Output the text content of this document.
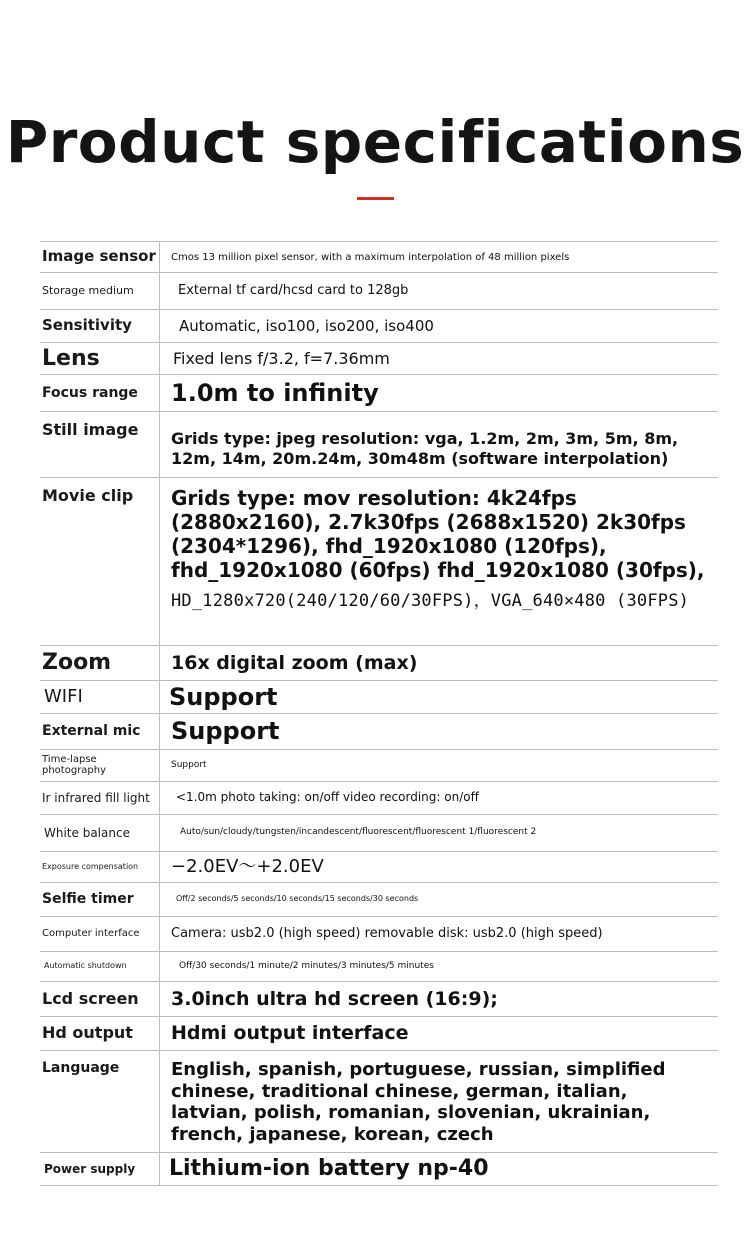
Product specifications
Image sensor	Cmos 13 million pixel sensor, with a maximum interpolation of 48 million pixels
Storage medium	External tf card/hcsd card to 128gb
Sensitivity	Automatic, iso100, iso200, iso400
Lens	Fixed lens f/3.2, f=7.36mm
Focus range	1.0m to infinity
Still image	Grids type: jpeg resolution: vga, 1.2m, 2m, 3m, 5m, 8m, 12m, 14m, 20m.24m, 30m48m (software interpolation)
Movie clip	Grids type: mov resolution: 4k24fps (2880x2160), 2.7k30fps (2688x1520) 2k30fps (2304*1296), fhd_1920x1080 (120fps), fhd_1920x1080 (60fps) fhd_1920x1080 (30fps),
HD_1280x720(240/120/60/30FPS)，VGA_640×480 (30FPS)
Zoom	16x digital zoom (max)
WIFI	Support
External mic	Support
Time-lapse photography	Support
Ir infrared fill light	<1.0m photo taking: on/off video recording: on/off
White balance	Auto/sun/cloudy/tungsten/incandescent/fluorescent/fluorescent 1/fluorescent 2
Exposure compensation	−2.0EV～+2.0EV
Selfie timer	Off/2 seconds/5 seconds/10 seconds/15 seconds/30 seconds
Computer interface	Camera: usb2.0 (high speed) removable disk: usb2.0 (high speed)
Automatic shutdown	Off/30 seconds/1 minute/2 minutes/3 minutes/5 minutes
Lcd screen	3.0inch ultra hd screen (16:9);
Hd output	Hdmi output interface
Language	English, spanish, portuguese, russian, simplified chinese, traditional chinese, german, italian, latvian, polish, romanian, slovenian, ukrainian, french, japanese, korean, czech
Power supply	Lithium-ion battery np-40
